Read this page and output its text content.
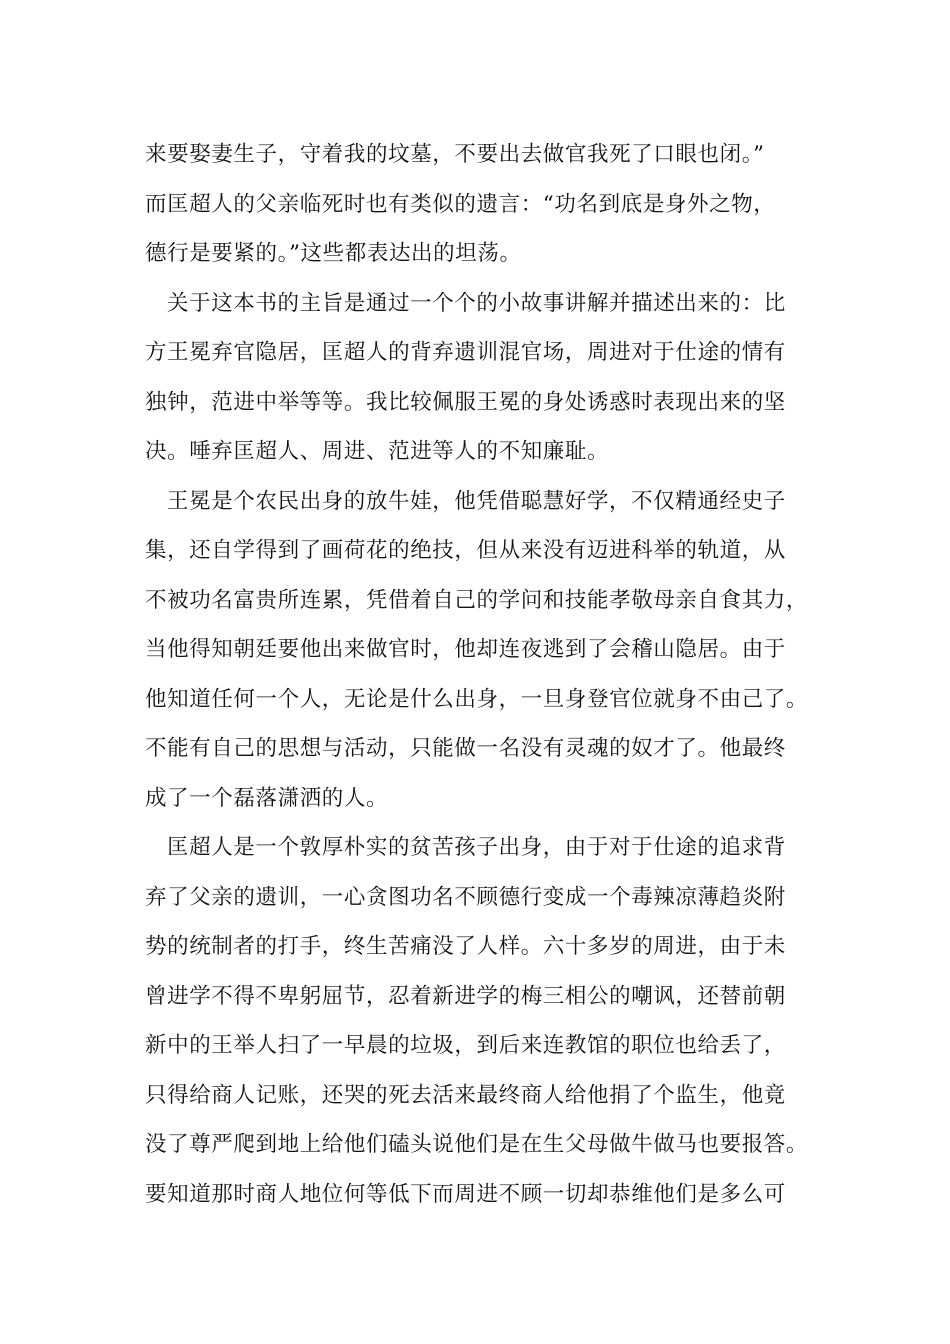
来要娶妻生子，守着我的坟墓，不要出去做官我死了口眼也闭。”
而匡超人的父亲临死时也有类似的遗言：“功名到底是身外之物，
德行是要紧的。”这些都表达出的坦荡。
关于这本书的主旨是通过一个个的小故事讲解并描述出来的：比
方王冕弃官隐居，匡超人的背弃遗训混官场，周进对于仕途的情有
独钟，范进中举等等。我比较佩服王冕的身处诱惑时表现出来的坚
决。唾弃匡超人、周进、范进等人的不知廉耻。
王冕是个农民出身的放牛娃，他凭借聪慧好学，不仅精通经史子
集，还自学得到了画荷花的绝技，但从来没有迈进科举的轨道，从
不被功名富贵所连累，凭借着自己的学问和技能孝敬母亲自食其力，
当他得知朝廷要他出来做官时，他却连夜逃到了会稽山隐居。由于
他知道任何一个人，无论是什么出身，一旦身登官位就身不由己了。
不能有自己的思想与活动，只能做一名没有灵魂的奴才了。他最终
成了一个磊落潇洒的人。
匡超人是一个敦厚朴实的贫苦孩子出身，由于对于仕途的追求背
弃了父亲的遗训，一心贪图功名不顾德行变成一个毒辣凉薄趋炎附
势的统制者的打手，终生苦痛没了人样。六十多岁的周进，由于未
曾进学不得不卑躬屈节，忍着新进学的梅三相公的嘲讽，还替前朝
新中的王举人扫了一早晨的垃圾，到后来连教馆的职位也给丢了，
只得给商人记账，还哭的死去活来最终商人给他捐了个监生，他竟
没了尊严爬到地上给他们磕头说他们是在生父母做牛做马也要报答。
要知道那时商人地位何等低下而周进不顾一切却恭维他们是多么可
